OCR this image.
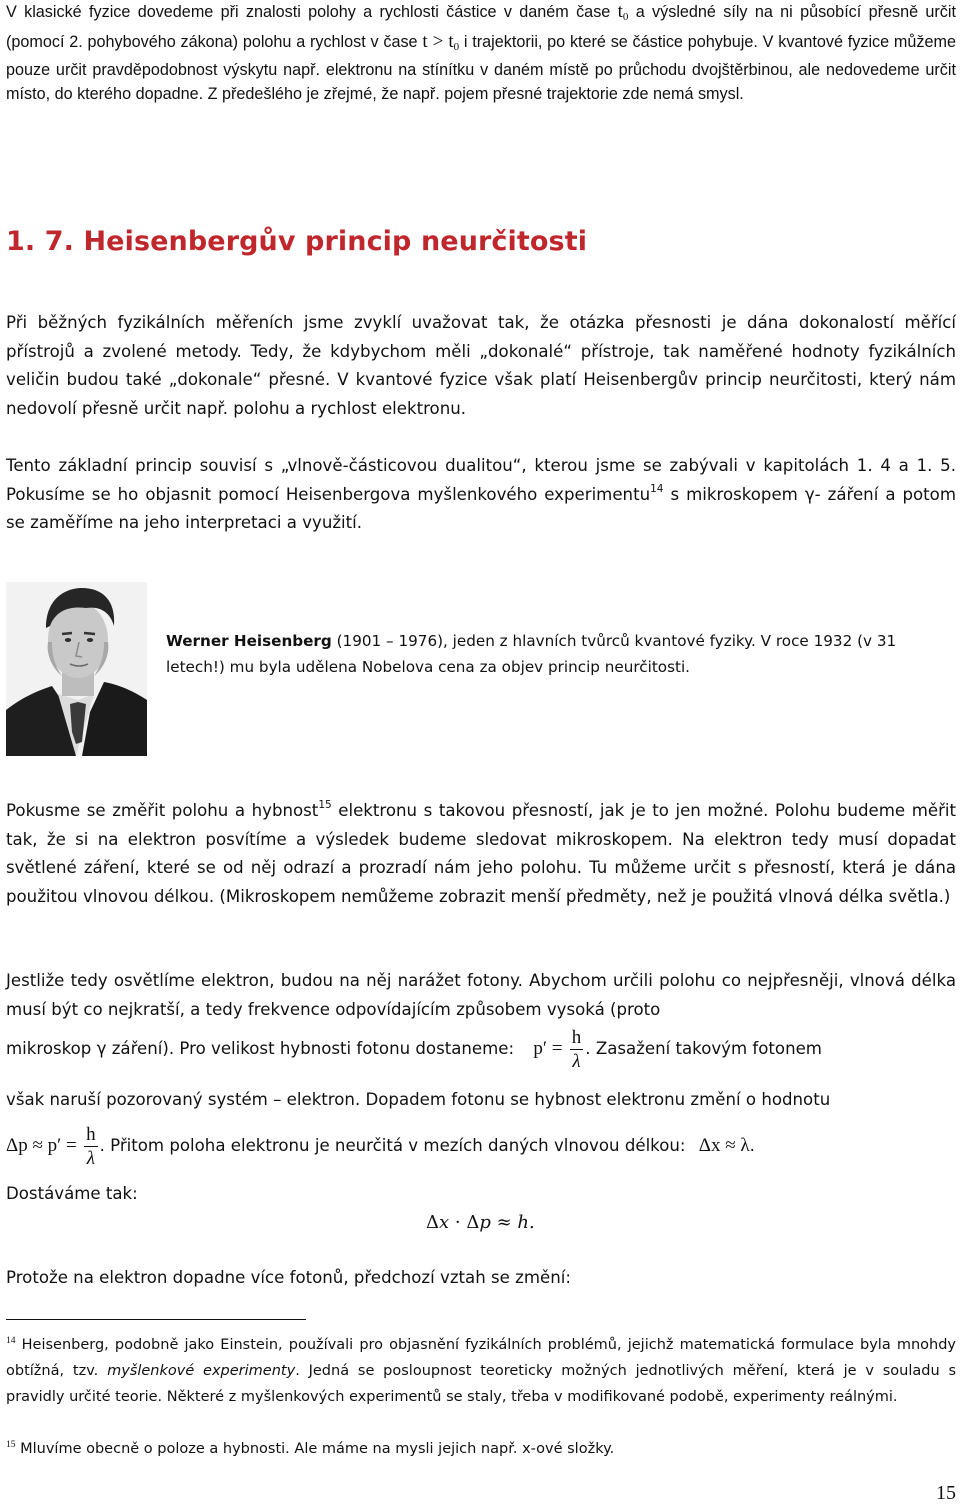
V klasické fyzice dovedeme při znalosti polohy a rychlosti částice v daném čase $t_0$ a výsledné síly na ni působící přesně určit (pomocí 2. pohybového zákona) polohu a rychlost v čase $t > t_0$ i trajektorii, po které se částice pohybuje. V kvantové fyzice můžeme pouze určit pravděpodobnost výskytu např. elektronu na stínítku v daném místě po průchodu dvojštěrbinou, ale nedovedeme určit místo, do kterého dopadne. Z předešlého je zřejmé, že např. pojem přesné trajektorie zde nemá smysl.
1. 7. Heisenbergův princip neurčitosti
Při běžných fyzikálních měřeních jsme zvyklí uvažovat tak, že otázka přesnosti je dána dokonalostí měřící přístrojů a zvolené metody. Tedy, že kdybychom měli „dokonalé“ přístroje, tak naměřené hodnoty fyzikálních veličin budou také „dokonale“ přesné. V kvantové fyzice však platí Heisenbergův princip neurčitosti, který nám nedovolí přesně určit např. polohu a rychlost elektronu.
Tento základní princip souvisí s „vlnově-částicovou dualitou“, kterou jsme se zabývali v kapitolách 1. 4 a 1. 5. Pokusíme se ho objasnit pomocí Heisenbergova myšlenkového experimentu$^{14}$ s mikroskopem γ- záření a potom se zaměříme na jeho interpretaci a využití.
Werner Heisenberg (1901 – 1976), jeden z hlavních tvůrců kvantové fyziky. V roce 1932 (v 31 letech!) mu byla udělena Nobelova cena za objev princip neurčitosti.
Pokusme se změřit polohu a hybnost$^{15}$ elektronu s takovou přesností, jak je to jen možné. Polohu budeme měřit tak, že si na elektron posvítíme a výsledek budeme sledovat mikroskopem. Na elektron tedy musí dopadat světlené záření, které se od něj odrazí a prozradí nám jeho polohu. Tu můžeme určit s přesností, která je dána použitou vlnovou délkou. (Mikroskopem nemůžeme zobrazit menší předměty, než je použitá vlnová délka světla.)
Jestliže tedy osvětlíme elektron, budou na něj narážet fotony. Abychom určili polohu co nejpřesněji, vlnová délka musí být co nejkratší, a tedy frekvence odpovídajícím způsobem vysoká (proto
mikroskop γ záření). Pro velikost hybnosti fotonu dostaneme: $p' = \frac{h}{\lambda}$ . Zasažení takovým fotonem
však naruší pozorovaný systém – elektron. Dopadem fotonu se hybnost elektronu změní o hodnotu
$\Delta p \approx p' = \frac{h}{\lambda}$ . Přitom poloha elektronu je neurčitá v mezích daných vlnovou délkou: Δx ≈ λ.
Dostáváme tak:
Δx · Δp ≈ h.
Protože na elektron dopadne více fotonů, předchozí vztah se změní:
$^{14}$ Heisenberg, podobně jako Einstein, používali pro objasnění fyzikálních problémů, jejichž matematická formulace byla mnohdy obtížná, tzv. myšlenkové experimenty. Jedná se posloupnost teoreticky možných jednotlivých měření, která je v souladu s pravidly určité teorie. Některé z myšlenkových experimentů se staly, třeba v modifikované podobě, experimenty reálnými.
$^{15}$ Mluvíme obecně o poloze a hybnosti. Ale máme na mysli jejich např. x-ové složky.
15
